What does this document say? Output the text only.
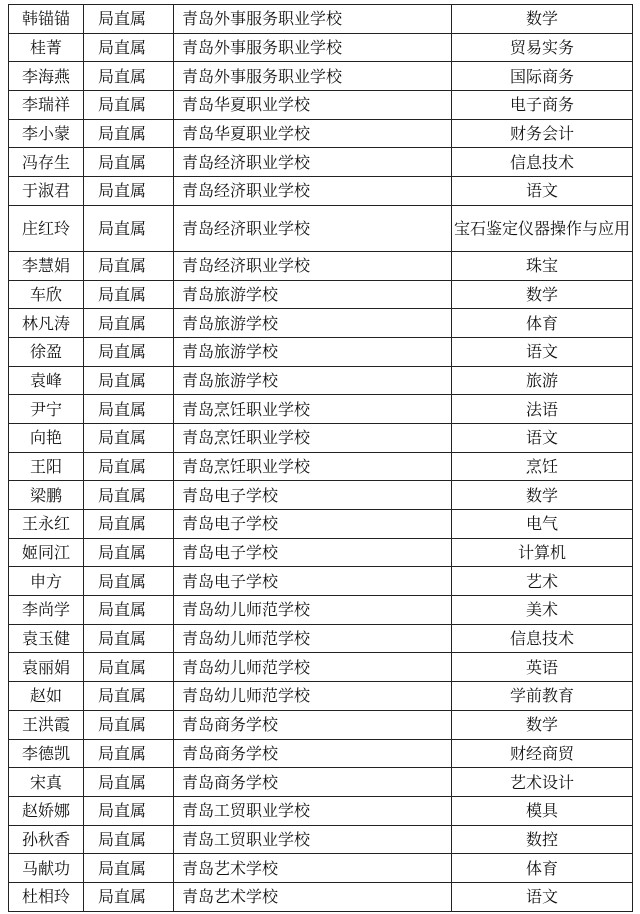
韩锚锚	局直属	青岛外事服务职业学校	数学
桂菁	局直属	青岛外事服务职业学校	贸易实务
李海燕	局直属	青岛外事服务职业学校	国际商务
李瑞祥	局直属	青岛华夏职业学校	电子商务
李小蒙	局直属	青岛华夏职业学校	财务会计
冯存生	局直属	青岛经济职业学校	信息技术
于淑君	局直属	青岛经济职业学校	语文
庄红玲	局直属	青岛经济职业学校	宝石鉴定仪器操作与应用
李慧娟	局直属	青岛经济职业学校	珠宝
车欣	局直属	青岛旅游学校	数学
林凡涛	局直属	青岛旅游学校	体育
徐盈	局直属	青岛旅游学校	语文
袁峰	局直属	青岛旅游学校	旅游
尹宁	局直属	青岛烹饪职业学校	法语
向艳	局直属	青岛烹饪职业学校	语文
王阳	局直属	青岛烹饪职业学校	烹饪
梁鹏	局直属	青岛电子学校	数学
王永红	局直属	青岛电子学校	电气
姬同江	局直属	青岛电子学校	计算机
申方	局直属	青岛电子学校	艺术
李尚学	局直属	青岛幼儿师范学校	美术
袁玉健	局直属	青岛幼儿师范学校	信息技术
袁丽娟	局直属	青岛幼儿师范学校	英语
赵如	局直属	青岛幼儿师范学校	学前教育
王洪霞	局直属	青岛商务学校	数学
李德凯	局直属	青岛商务学校	财经商贸
宋真	局直属	青岛商务学校	艺术设计
赵娇娜	局直属	青岛工贸职业学校	模具
孙秋香	局直属	青岛工贸职业学校	数控
马献功	局直属	青岛艺术学校	体育
杜相玲	局直属	青岛艺术学校	语文
